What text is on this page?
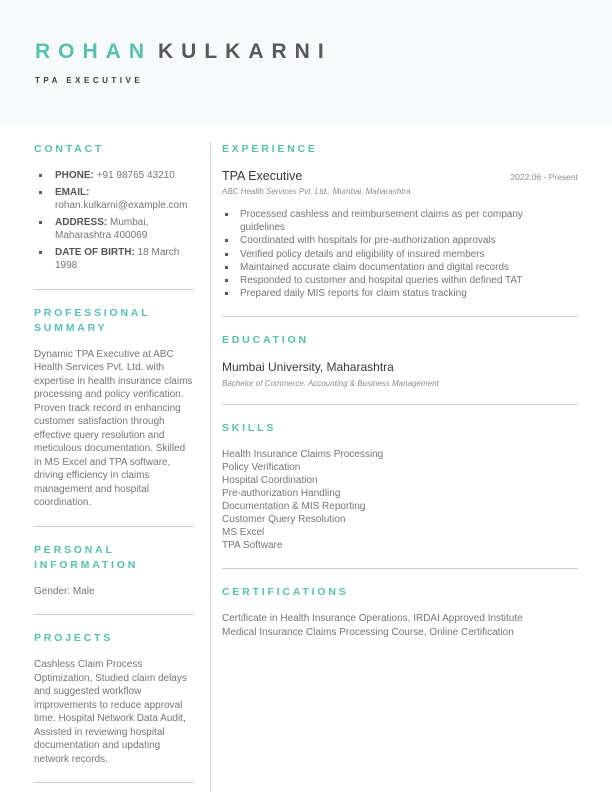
ROHAN KULKARNI
TPA EXECUTIVE
CONTACT
PHONE: +91 98765 43210
EMAIL: rohan.kulkarni@example.com
ADDRESS: Mumbai, Maharashtra 400069
DATE OF BIRTH: 18 March 1998
PROFESSIONAL SUMMARY

Dynamic TPA Executive at ABC Health Services Pvt. Ltd. with expertise in health insurance claims processing and policy verification. Proven track record in enhancing customer satisfaction through effective query resolution and meticulous documentation. Skilled in MS Excel and TPA software, driving efficiency in claims management and hospital coordination.

PERSONAL INFORMATION

Gender: Male

PROJECTS

Cashless Claim Process Optimization, Studied claim delays and suggested workflow improvements to reduce approval time. Hospital Network Data Audit, Assisted in reviewing hospital documentation and updating network records.

EXPERIENCE
TPA Executive	2022.06 - Present
ABC Health Services Pvt. Ltd., Mumbai, Maharashtra
Processed cashless and reimbursement claims as per company guidelines
Coordinated with hospitals for pre-authorization approvals
Verified policy details and eligibility of insured members
Maintained accurate claim documentation and digital records
Responded to customer and hospital queries within defined TAT
Prepared daily MIS reports for claim status tracking
EDUCATION
Mumbai University, Maharashtra
Bachelor of Commerce: Accounting & Business Management
SKILLS
Health Insurance Claims Processing
Policy Verification
Hospital Coordination
Pre-authorization Handling
Documentation & MIS Reporting
Customer Query Resolution
MS Excel
TPA Software
CERTIFICATIONS
Certificate in Health Insurance Operations, IRDAI Approved Institute
Medical Insurance Claims Processing Course, Online Certification
